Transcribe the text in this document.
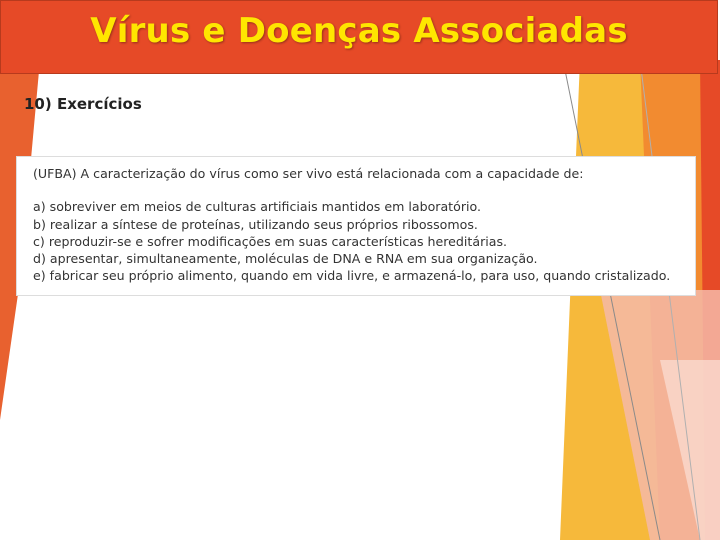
Vírus e Doenças Associadas
10) Exercícios
(UFBA) A caracterização do vírus como ser vivo está relacionada com a capacidade de:
a) sobreviver em meios de culturas artificiais mantidos em laboratório.
b) realizar a síntese de proteínas, utilizando seus próprios ribossomos.
c) reproduzir-se e sofrer modificações em suas características hereditárias.
d) apresentar, simultaneamente, moléculas de DNA e RNA em sua organização.
e) fabricar seu próprio alimento, quando em vida livre, e armazená-lo, para uso, quando cristalizado.
